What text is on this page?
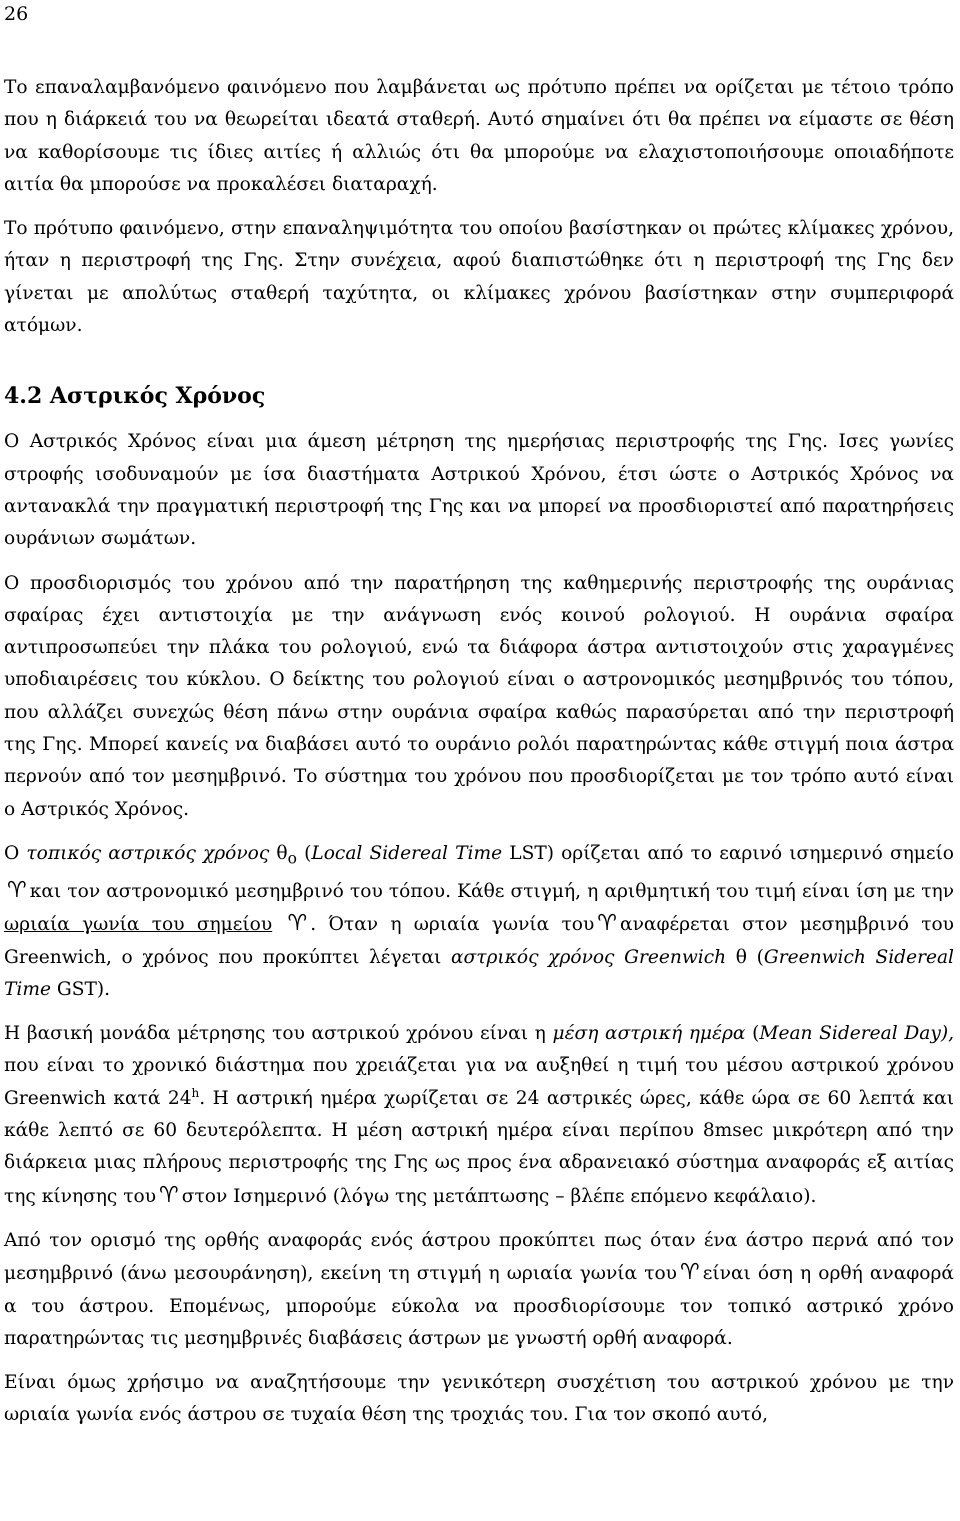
26

Το επαναλαμβανόμενο φαινόμενο που λαμβάνεται ως πρότυπο πρέπει να ορίζεται με τέτοιο τρόπο που η διάρκειά του να θεωρείται ιδεατά σταθερή. Αυτό σημαίνει ότι θα πρέπει να είμαστε σε θέση να καθορίσουμε τις ίδιες αιτίες ή αλλιώς ότι θα μπορούμε να ελαχιστοποιήσουμε οποιαδήποτε αιτία θα μπορούσε να προκαλέσει διαταραχή.

Το πρότυπο φαινόμενο, στην επαναληψιμότητα του οποίου βασίστηκαν οι πρώτες κλίμακες χρόνου, ήταν η περιστροφή της Γης. Στην συνέχεια, αφού διαπιστώθηκε ότι η περιστροφή της Γης δεν γίνεται με απολύτως σταθερή ταχύτητα, οι κλίμακες χρόνου βασίστηκαν στην συμπεριφορά ατόμων.

4.2 Αστρικός Χρόνος

Ο Αστρικός Χρόνος είναι μια άμεση μέτρηση της ημερήσιας περιστροφής της Γης. Ισες γωνίες στροφής ισοδυναμούν με ίσα διαστήματα Αστρικού Χρόνου, έτσι ώστε ο Αστρικός Χρόνος να αντανακλά την πραγματική περιστροφή της Γης και να μπορεί να προσδιοριστεί από παρατηρήσεις ουράνιων σωμάτων.

Ο προσδιορισμός του χρόνου από την παρατήρηση της καθημερινής περιστροφής της ουράνιας σφαίρας έχει αντιστοιχία με την ανάγνωση ενός κοινού ρολογιού. Η ουράνια σφαίρα αντιπροσωπεύει την πλάκα του ρολογιού, ενώ τα διάφορα άστρα αντιστοιχούν στις χαραγμένες υποδιαιρέσεις του κύκλου. Ο δείκτης του ρολογιού είναι ο αστρονομικός μεσημβρινός του τόπου, που αλλάζει συνεχώς θέση πάνω στην ουράνια σφαίρα καθώς παρασύρεται από την περιστροφή της Γης. Μπορεί κανείς να διαβάσει αυτό το ουράνιο ρολόι παρατηρώντας κάθε στιγμή ποια άστρα περνούν από τον μεσημβρινό. Το σύστημα του χρόνου που προσδιορίζεται με τον τρόπο αυτό είναι ο Αστρικός Χρόνος.

Ο τοπικός αστρικός χρόνος $\theta_o$ (Local Sidereal Time LST) ορίζεται από το εαρινό ισημερινό σημείο♈ και τον αστρονομικό μεσημβρινό του τόπου. Κάθε στιγμή, η αριθμητική του τιμή είναι ίση με την ωριαία γωνία του σημείου ♈ . Όταν η ωριαία γωνία του ♈ αναφέρεται στον μεσημβρινό του Greenwich, ο χρόνος που προκύπτει λέγεται αστρικός χρόνος Greenwich θ (Greenwich Sidereal Time GST).

Η βασική μονάδα μέτρησης του αστρικού χρόνου είναι η μέση αστρική ημέρα (Mean Sidereal Day), που είναι το χρονικό διάστημα που χρειάζεται για να αυξηθεί η τιμή του μέσου αστρικού χρόνου Greenwich κατά 24$^h$. Η αστρική ημέρα χωρίζεται σε 24 αστρικές ώρες, κάθε ώρα σε 60 λεπτά και κάθε λεπτό σε 60 δευτερόλεπτα. Η μέση αστρική ημέρα είναι περίπου 8msec μικρότερη από την διάρκεια μιας πλήρους περιστροφής της Γης ως προς ένα αδρανειακό σύστημα αναφοράς εξ αιτίας της κίνησης του ♈ στον Ισημερινό (λόγω της μετάπτωσης – βλέπε επόμενο κεφάλαιο).

Από τον ορισμό της ορθής αναφοράς ενός άστρου προκύπτει πως όταν ένα άστρο περνά από τον μεσημβρινό (άνω μεσουράνηση), εκείνη τη στιγμή η ωριαία γωνία του ♈ είναι όση η ορθή αναφορά α του άστρου. Επομένως, μπορούμε εύκολα να προσδιορίσουμε τον τοπικό αστρικό χρόνο παρατηρώντας τις μεσημβρινές διαβάσεις άστρων με γνωστή ορθή αναφορά.

Είναι όμως χρήσιμο να αναζητήσουμε την γενικότερη συσχέτιση του αστρικού χρόνου με την ωριαία γωνία ενός άστρου σε τυχαία θέση της τροχιάς του. Για τον σκοπό αυτό,
